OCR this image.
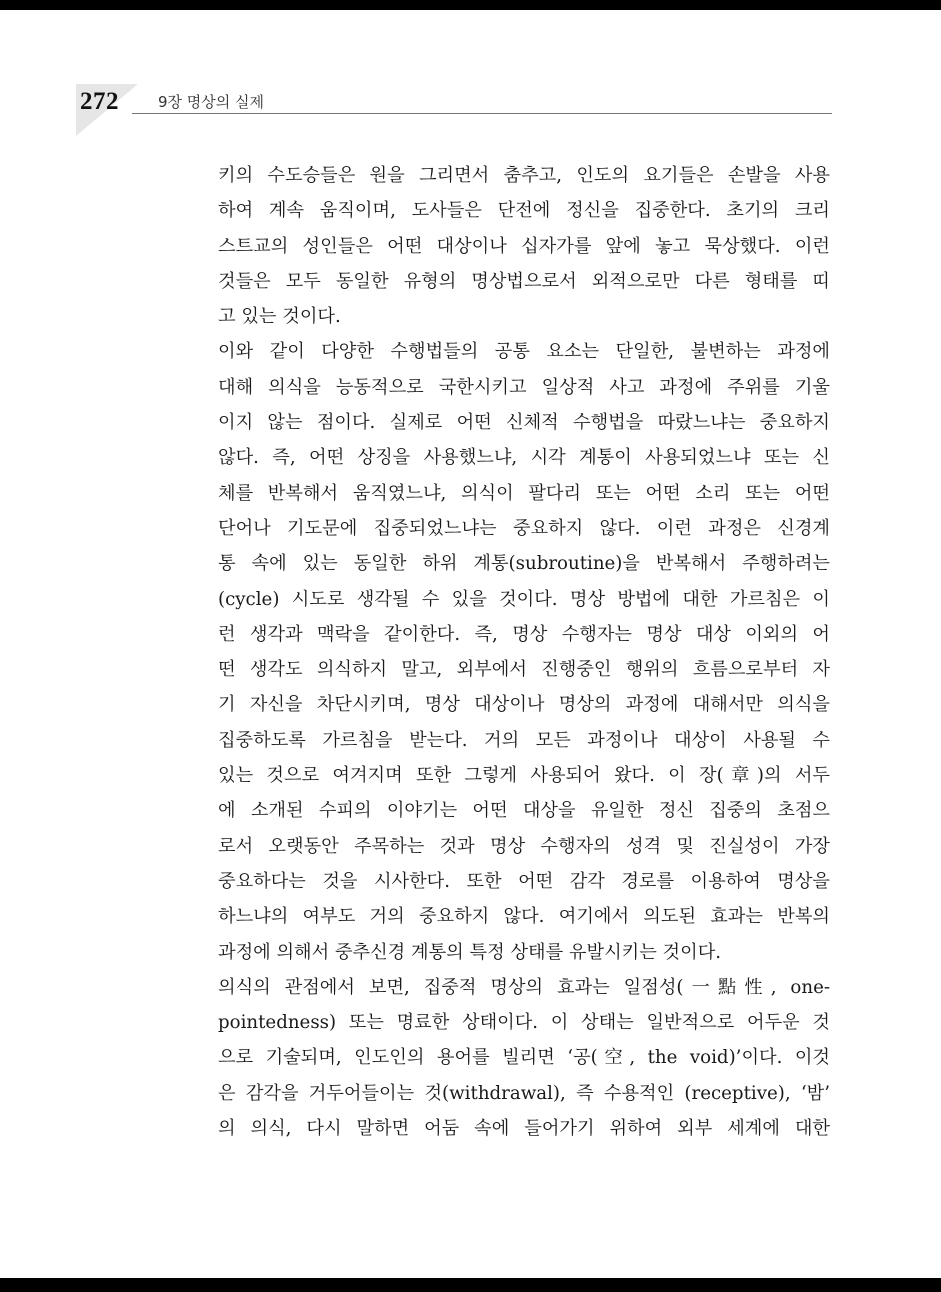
272	9장 명상의 실제
키의 수도승들은 원을 그리면서 춤추고, 인도의 요기들은 손발을 사용
하여 계속 움직이며, 도사들은 단전에 정신을 집중한다. 초기의 크리
스트교의 성인들은 어떤 대상이나 십자가를 앞에 놓고 묵상했다. 이런
것들은 모두 동일한 유형의 명상법으로서 외적으로만 다른 형태를 띠
고 있는 것이다.
이와 같이 다양한 수행법들의 공통 요소는 단일한, 불변하는 과정에
대해 의식을 능동적으로 국한시키고 일상적 사고 과정에 주위를 기울
이지 않는 점이다. 실제로 어떤 신체적 수행법을 따랐느냐는 중요하지
않다. 즉, 어떤 상징을 사용했느냐, 시각 계통이 사용되었느냐 또는 신
체를 반복해서 움직였느냐, 의식이 팔다리 또는 어떤 소리 또는 어떤
단어나 기도문에 집중되었느냐는 중요하지 않다. 이런 과정은 신경계
통 속에 있는 동일한 하위 계통(subroutine)을 반복해서 주행하려는
(cycle) 시도로 생각될 수 있을 것이다. 명상 방법에 대한 가르침은 이
런 생각과 맥락을 같이한다. 즉, 명상 수행자는 명상 대상 이외의 어
떤 생각도 의식하지 말고, 외부에서 진행중인 행위의 흐름으로부터 자
기 자신을 차단시키며, 명상 대상이나 명상의 과정에 대해서만 의식을
집중하도록 가르침을 받는다. 거의 모든 과정이나 대상이 사용될 수
있는 것으로 여겨지며 또한 그렇게 사용되어 왔다. 이 장(章)의 서두
에 소개된 수피의 이야기는 어떤 대상을 유일한 정신 집중의 초점으
로서 오랫동안 주목하는 것과 명상 수행자의 성격 및 진실성이 가장
중요하다는 것을 시사한다. 또한 어떤 감각 경로를 이용하여 명상을
하느냐의 여부도 거의 중요하지 않다. 여기에서 의도된 효과는 반복의
과정에 의해서 중추신경 계통의 특정 상태를 유발시키는 것이다.
의식의 관점에서 보면, 집중적 명상의 효과는 일점성(一點性, one-
pointedness) 또는 명료한 상태이다. 이 상태는 일반적으로 어두운 것
으로 기술되며, 인도인의 용어를 빌리면 ‘공(空, the void)’이다. 이것
은 감각을 거두어들이는 것(withdrawal), 즉 수용적인 (receptive), ‘밤’
의 의식, 다시 말하면 어둠 속에 들어가기 위하여 외부 세계에 대한
